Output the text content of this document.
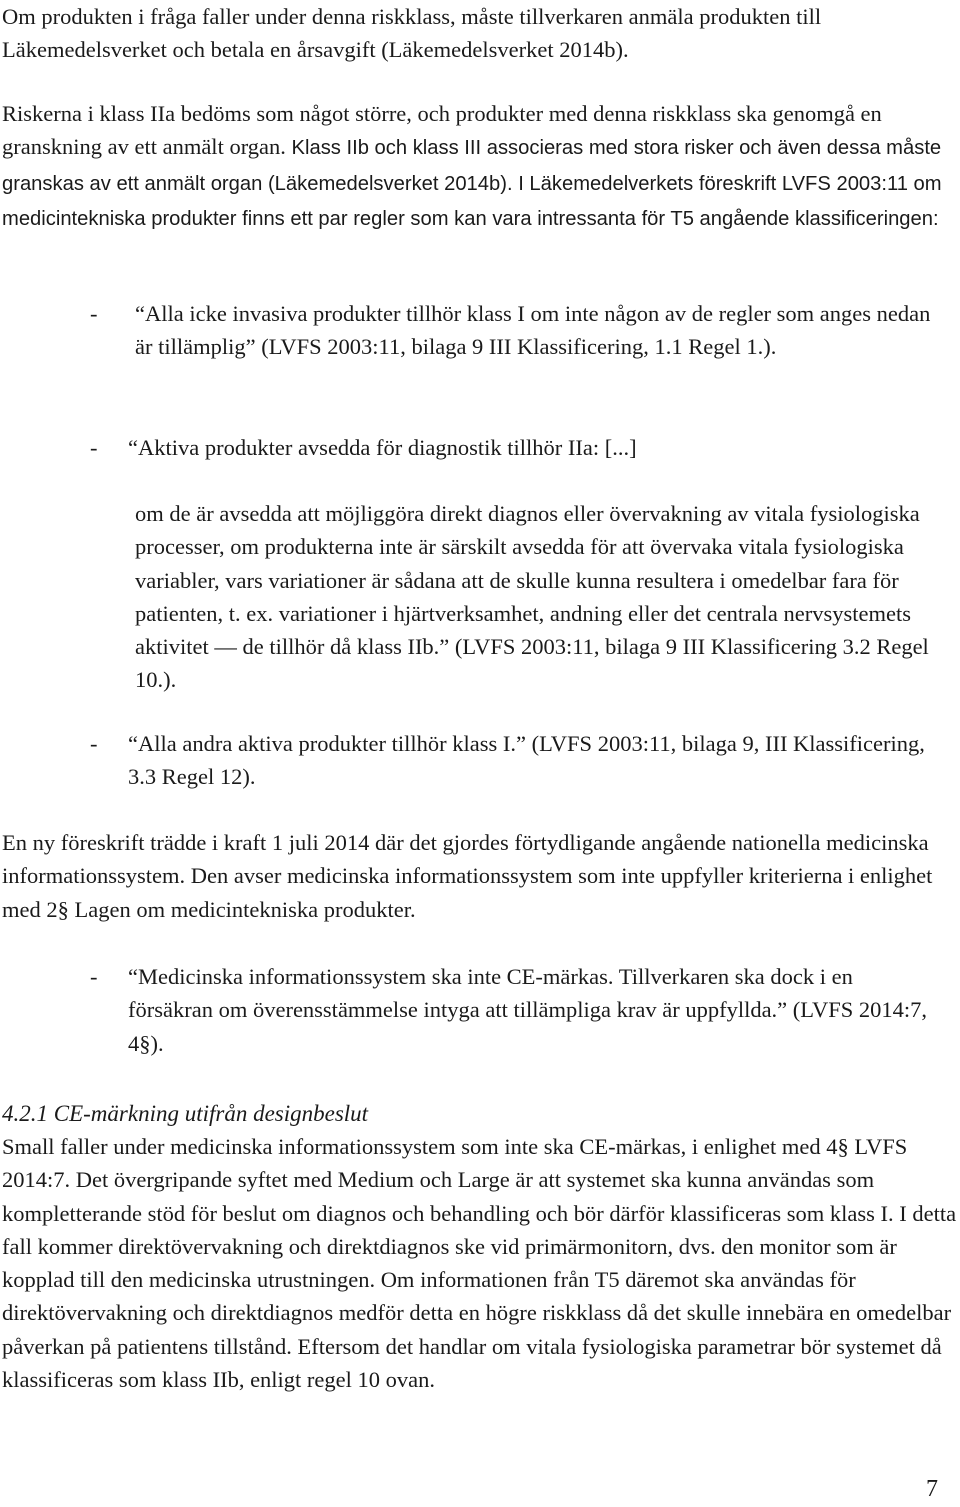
Om produkten i fråga faller under denna riskklass, måste tillverkaren anmäla produkten till Läkemedelsverket och betala en årsavgift (Läkemedelsverket 2014b).

Riskerna i klass IIa bedöms som något större, och produkter med denna riskklass ska genomgå en granskning av ett anmält organ. Klass IIb och klass III associeras med stora risker och även dessa måste granskas av ett anmält organ (Läkemedelsverket 2014b). I Läkemedelverkets föreskrift LVFS 2003:11 om medicintekniska produkter finns ett par regler som kan vara intressanta för T5 angående klassificeringen:

-	“Alla icke invasiva produkter tillhör klass I om inte någon av de regler som anges nedan är tillämplig” (LVFS 2003:11, bilaga 9 III Klassificering, 1.1 Regel 1.).

-	“Aktiva produkter avsedda för diagnostik tillhör IIa: [...]

om de är avsedda att möjliggöra direkt diagnos eller övervakning av vitala fysiologiska processer, om produkterna inte är särskilt avsedda för att övervaka vitala fysiologiska variabler, vars variationer är sådana att de skulle kunna resultera i omedelbar fara för patienten, t. ex. variationer i hjärtverksamhet, andning eller det centrala nervsystemets aktivitet — de tillhör då klass IIb.” (LVFS 2003:11, bilaga 9 III Klassificering 3.2 Regel 10.).

-	“Alla andra aktiva produkter tillhör klass I.” (LVFS 2003:11, bilaga 9, III Klassificering, 3.3 Regel 12).

En ny föreskrift trädde i kraft 1 juli 2014 där det gjordes förtydligande angående nationella medicinska informationssystem. Den avser medicinska informationssystem som inte uppfyller kriterierna i enlighet med 2§ Lagen om medicintekniska produkter.

-	“Medicinska informationssystem ska inte CE-märkas. Tillverkaren ska dock i en försäkran om överensstämmelse intyga att tillämpliga krav är uppfyllda.” (LVFS 2014:7, 4§).

4.2.1 CE-märkning utifrån designbeslut

Small faller under medicinska informationssystem som inte ska CE-märkas, i enlighet med 4§ LVFS 2014:7. Det övergripande syftet med Medium och Large är att systemet ska kunna användas som kompletterande stöd för beslut om diagnos och behandling och bör därför klassificeras som klass I. I detta fall kommer direktövervakning och direktdiagnos ske vid primärmonitorn, dvs. den monitor som är kopplad till den medicinska utrustningen. Om informationen från T5 däremot ska användas för direktövervakning och direktdiagnos medför detta en högre riskklass då det skulle innebära en omedelbar påverkan på patientens tillstånd. Eftersom det handlar om vitala fysiologiska parametrar bör systemet då klassificeras som klass IIb, enligt regel 10 ovan.

7
